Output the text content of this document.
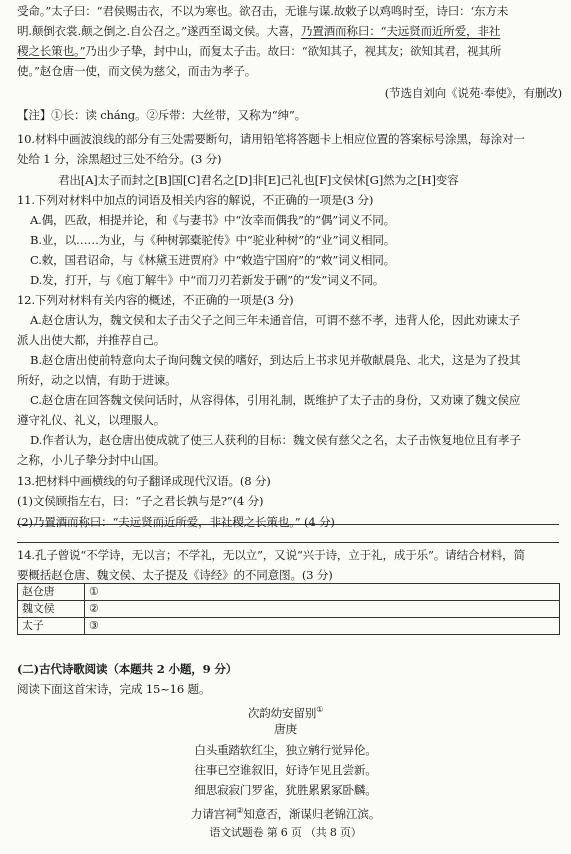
受命。”太子曰：“君侯赐击衣，不以为寒也。欲召击，无谁与谋.故敕子以鸡鸣时至，诗曰：‘东方未
明.颠倒衣裳.颠之倒之.自公召之。”遂西至谒文侯。大喜，乃置酒而称曰：“夫远贤而近所爱，非社
稷之长策也。”乃出少子挚，封中山，而复太子击。故曰：“欲知其子，视其友；欲知其君，视其所
使。”赵仓唐一使，而文侯为慈父，而击为孝子。
(节选自刘向《说苑·奉使》，有删改)
【注】①长：读 cháng。②斥带：大丝带，又称为“绅”。
10.材料中画波浪线的部分有三处需要断句，请用铅笔将答题卡上相应位置的答案标号涂黑，每涂对一
处给 1 分，涂黑超过三处不给分。(3 分)
君出[A]太子而封之[B]国[C]君名之[D]非[E]己礼也[F]文侯怵[G]然为之[H]变容
11.下列对材料中加点的词语及相关内容的解说，不正确的一项是(3 分)
A.偶，匹敌，相提并论，和《与妻书》中“汝幸而偶我”的“偶”词义不同。
B.业，以……为业，与《种树郭橐驼传》中“驼业种树”的“业”词义相同。
C.敕，国君诏命，与《林黛玉进贾府》中“敕造宁国府”的“敕”词义相同。
D.发，打开，与《庖丁解牛》中“而刀刃若新发于硎”的“发”词义不同。
12.下列对材料有关内容的概述，不正确的一项是(3 分)
A.赵仓唐认为，魏文侯和太子击父子之间三年未通音信，可谓不慈不孝，违背人伦，因此劝谏太子
派人出使大都，并推荐自己。
B.赵仓唐出使前特意向太子询问魏文侯的嗜好，到达后上书求见并敬献晨凫、北犬，这是为了投其
所好，动之以情，有助于进谏。
C.赵仓唐在回答魏文侯问话时，从容得体，引用礼制，既维护了太子击的身份，又劝谏了魏文侯应
遵守礼仪、礼义，以理服人。
D.作者认为，赵仓唐出使成就了使三人获利的目标：魏文侯有慈父之名，太子击恢复地位且有孝子
之称，小儿子挚分封中山国。
13.把材料中画横线的句子翻译成现代汉语。(8 分)
(1)文侯顾指左右，曰：“子之君长孰与是?”(4 分)
(2)乃置酒而称曰：“夫远贤而近所爱，非社稷之长策也。” (4 分)
14.孔子曾说“不学诗，无以言；不学礼，无以立”，又说“兴于诗，立于礼，成于乐”。请结合材料，简
要概括赵仓唐、魏文侯、太子提及《诗经》的不同意图。(3 分)
赵仓唐	①
魏文侯	②
太子	③
(二)古代诗歌阅读（本题共 2 小题，9 分）
阅读下面这首宋诗，完成 15~16 题。
次韵幼安留别①
唐庚
白头重踏软红尘，独立鹓行觉异伦。
往事已空谁叙旧，好诗乍见且尝新。
细思寂寂门罗雀，犹胜累累冢卧麟。
力请宫祠②知意否，渐谋归老锦江滨。
语文试题卷 第 6 页 （共 8 页）
